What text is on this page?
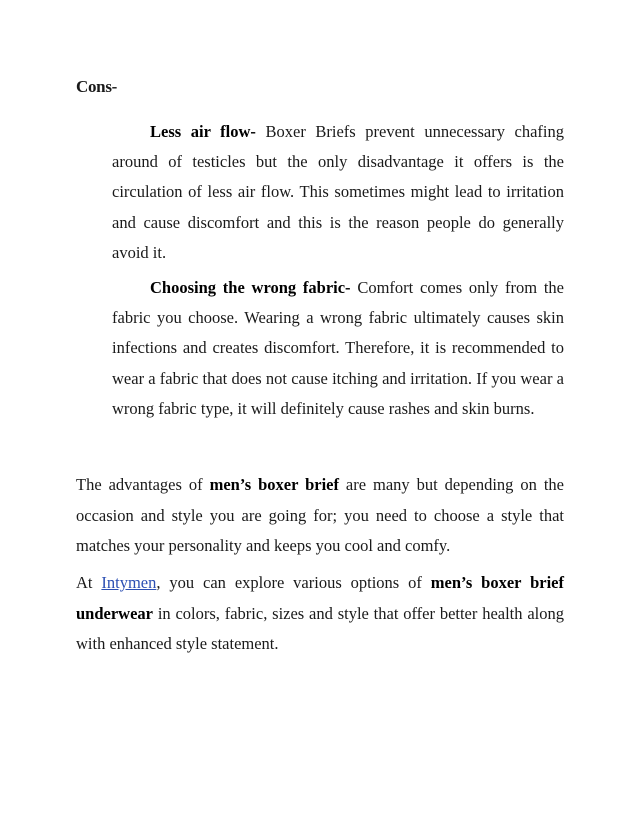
Cons-

Less air flow- Boxer Briefs prevent unnecessary chafing around of testicles but the only disadvantage it offers is the circulation of less air flow. This sometimes might lead to irritation and cause discomfort and this is the reason people do generally avoid it.

Choosing the wrong fabric- Comfort comes only from the fabric you choose. Wearing a wrong fabric ultimately causes skin infections and creates discomfort. Therefore, it is recommended to wear a fabric that does not cause itching and irritation. If you wear a wrong fabric type, it will definitely cause rashes and skin burns.

The advantages of men’s boxer brief are many but depending on the occasion and style you are going for; you need to choose a style that matches your personality and keeps you cool and comfy.

At Intymen, you can explore various options of men’s boxer brief underwear in colors, fabric, sizes and style that offer better health along with enhanced style statement.
